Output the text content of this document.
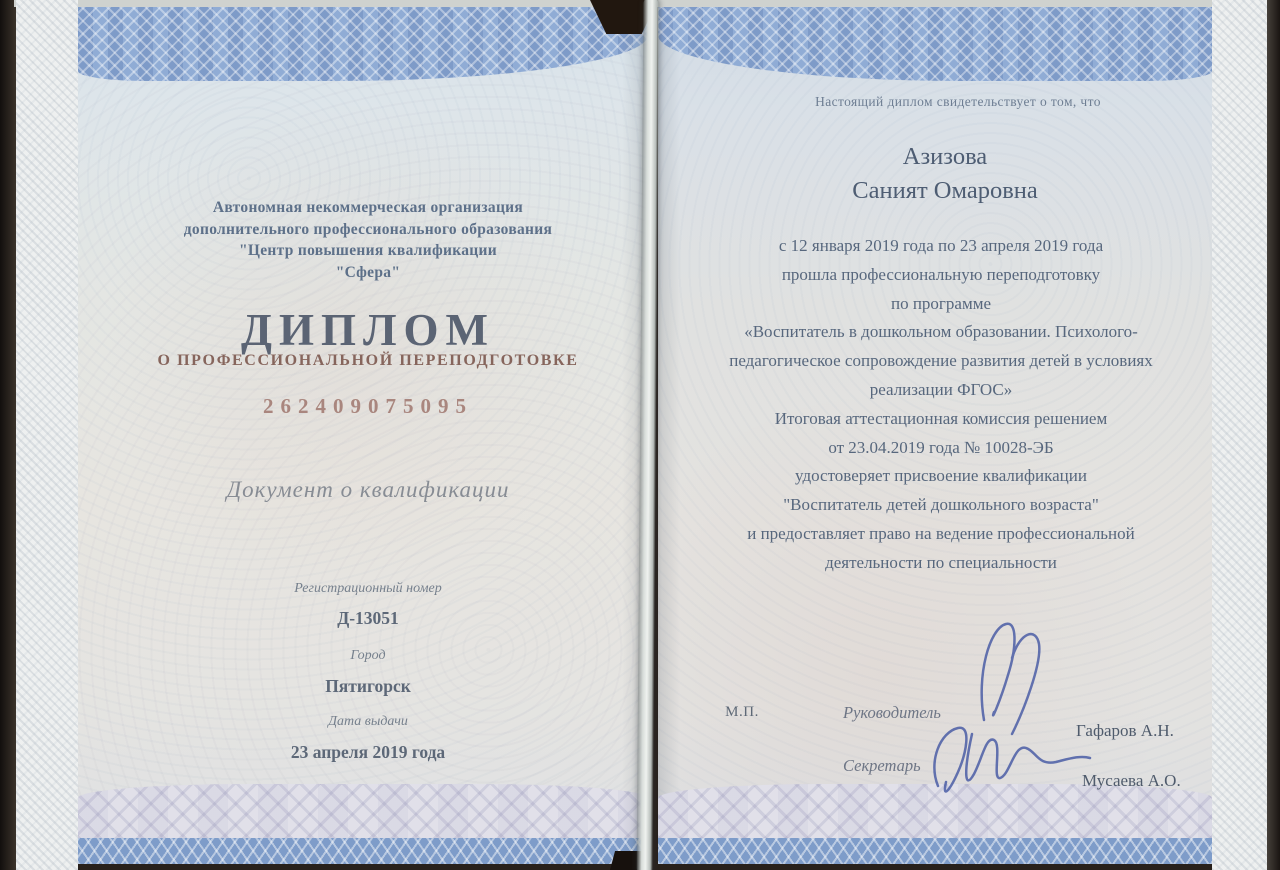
Автономная некоммерческая организация
дополнительного профессионального образования
"Центр повышения квалификации
"Сфера"
ДИПЛОМ
О ПРОФЕССИОНАЛЬНОЙ ПЕРЕПОДГОТОВКЕ
262409075095
Документ о квалификации
Регистрационный номер
Д-13051
Город
Пятигорск
Дата выдачи
23 апреля 2019 года
Настоящий диплом свидетельствует о том, что
Азизова
Саният Омаровна
с 12 января 2019 года по 23 апреля 2019 года
прошла профессиональную переподготовку
по программе
«Воспитатель в дошкольном образовании. Психолого-
педагогическое сопровождение развития детей в условиях
реализации ФГОС»
Итоговая аттестационная комиссия решением
от 23.04.2019 года № 10028-ЭБ
удостоверяет присвоение квалификации
"Воспитатель детей дошкольного возраста"
и предоставляет право на ведение профессиональной
деятельности по специальности
М.П.	Руководитель
Секретарь
Гафаров А.Н.
Мусаева А.О.
